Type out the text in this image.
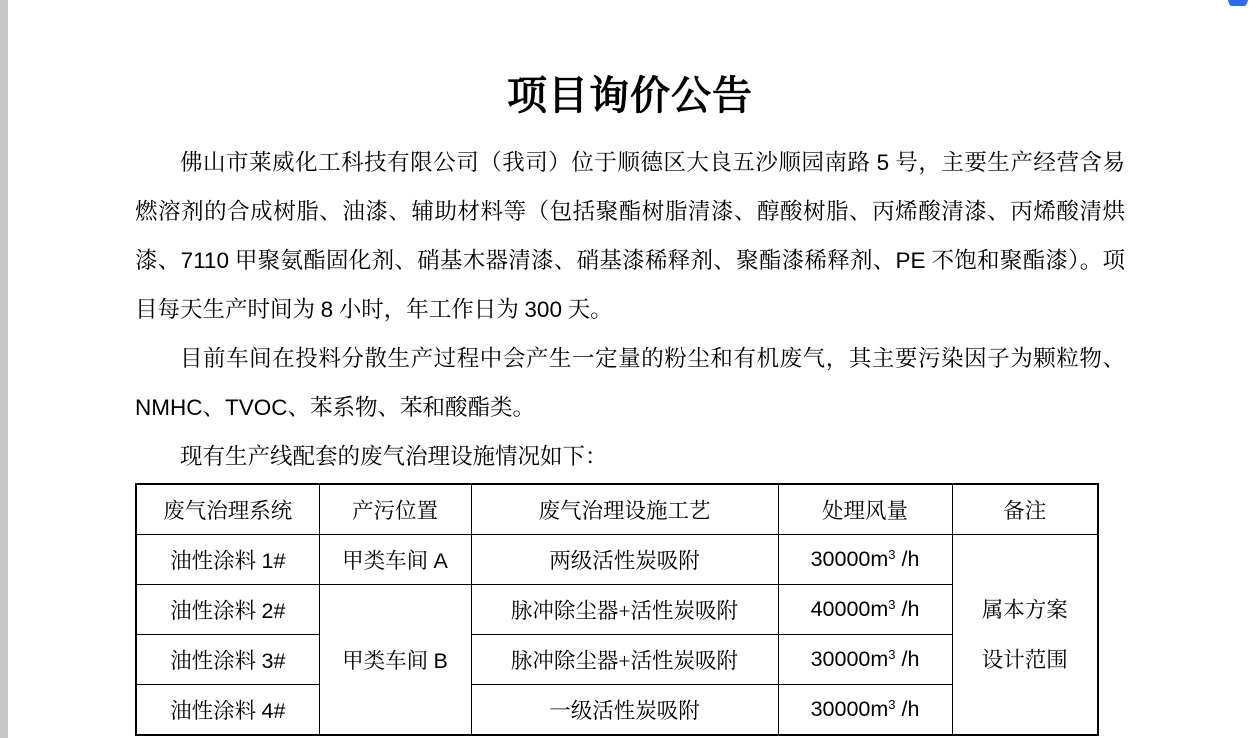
项目询价公告

佛山市莱威化工科技有限公司（我司）位于顺德区大良五沙顺园南路 5 号，主要生产经营含易燃溶剂的合成树脂、油漆、辅助材料等（包括聚酯树脂清漆、醇酸树脂、丙烯酸清漆、丙烯酸清烘漆、7110 甲聚氨酯固化剂、硝基木器清漆、硝基漆稀释剂、聚酯漆稀释剂、PE 不饱和聚酯漆）。项目每天生产时间为 8 小时，年工作日为 300 天。

目前车间在投料分散生产过程中会产生一定量的粉尘和有机废气，其主要污染因子为颗粒物、NMHC、TVOC、苯系物、苯和酸酯类。

现有生产线配套的废气治理设施情况如下：

废气治理系统	产污位置	废气治理设施工艺	处理风量	备注
油性涂料 1#	甲类车间 A	两级活性炭吸附	$30000m^3$ /h	属本方案
设计范围

油性涂料 2#	甲类车间 B	脉冲除尘器+活性炭吸附	$40000m^3$ /h	
油性涂料 3#		脉冲除尘器+活性炭吸附	$30000m^3$ /h	
油性涂料 4#		一级活性炭吸附	$30000m^3$ /h	
